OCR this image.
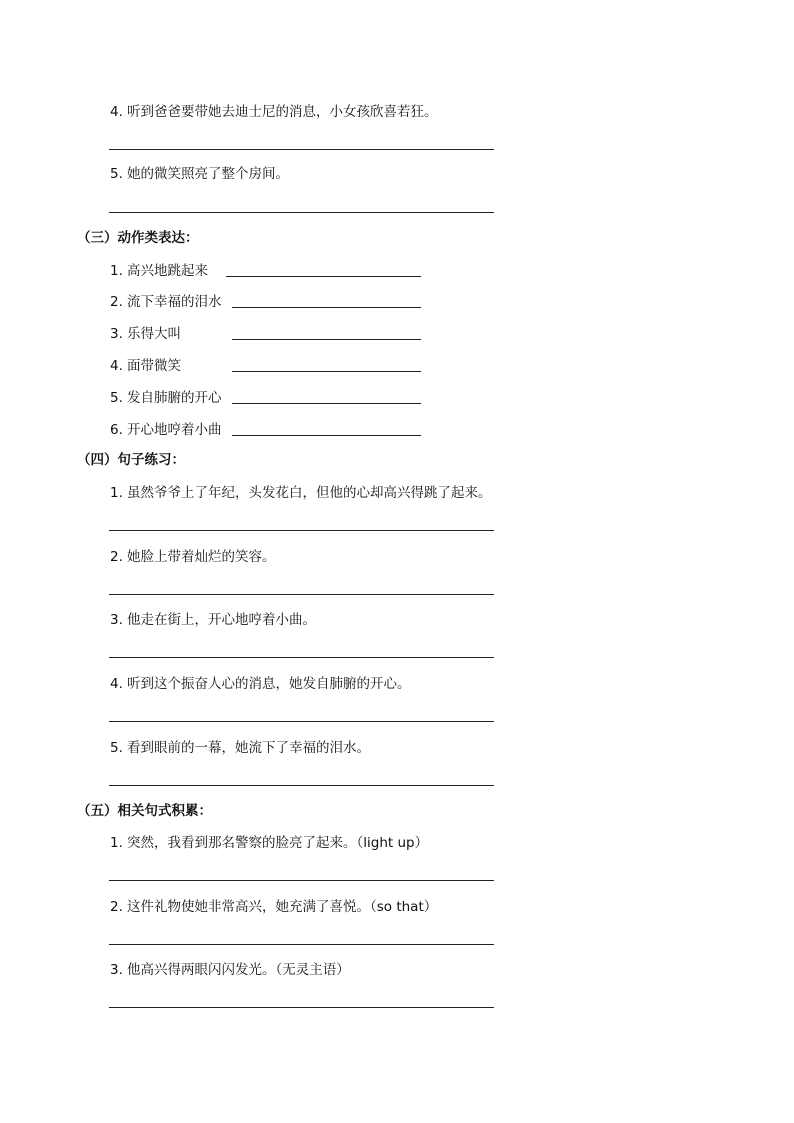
4. 听到爸爸要带她去迪士尼的消息，小女孩欣喜若狂。
5. 她的微笑照亮了整个房间。
（三）动作类表达：
1. 高兴地跳起来
2. 流下幸福的泪水
3. 乐得大叫
4. 面带微笑
5. 发自肺腑的开心
6. 开心地哼着小曲
（四）句子练习：
1. 虽然爷爷上了年纪，头发花白，但他的心却高兴得跳了起来。
2. 她脸上带着灿烂的笑容。
3. 他走在街上，开心地哼着小曲。
4. 听到这个振奋人心的消息，她发自肺腑的开心。
5. 看到眼前的一幕，她流下了幸福的泪水。
（五）相关句式积累：
1. 突然，我看到那名警察的脸亮了起来。（light up）
2. 这件礼物使她非常高兴，她充满了喜悦。（so that）
3. 他高兴得两眼闪闪发光。（无灵主语）
